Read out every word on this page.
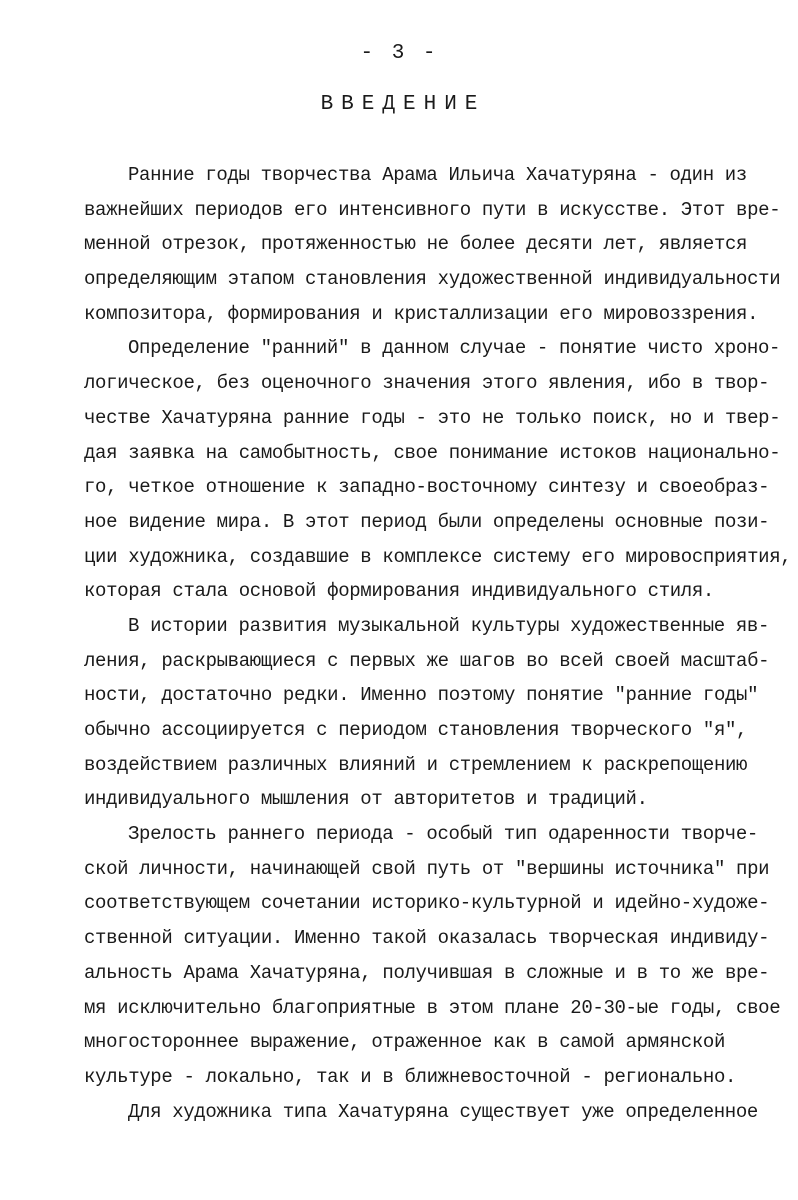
- 3 -
ВВЕДЕНИЕ
Ранние годы творчества Арама Ильича Хачатуряна - один из
важнейших периодов его интенсивного пути в искусстве. Этот вре-
менной отрезок, протяженностью не более десяти лет, является
определяющим этапом становления художественной индивидуальности
композитора, формирования и кристаллизации его мировоззрения.
Определение "ранний" в данном случае - понятие чисто хроно-
логическое, без оценочного значения этого явления, ибо в твор-
честве Хачатуряна ранние годы - это не только поиск, но и твер-
дая заявка на самобытность, свое понимание истоков национально-
го, четкое отношение к западно-восточному синтезу и своеобраз-
ное видение мира. В этот период были определены основные пози-
ции художника, создавшие в комплексе систему его мировосприятия,
которая стала основой формирования индивидуального стиля.
В истории развития музыкальной культуры художественные яв-
ления, раскрывающиеся с первых же шагов во всей своей масштаб-
ности, достаточно редки. Именно поэтому понятие "ранние годы"
обычно ассоциируется с периодом становления творческого "я",
воздействием различных влияний и стремлением к раскрепощению
индивидуального мышления от авторитетов и традиций.
Зрелость раннего периода - особый тип одаренности творче-
ской личности, начинающей свой путь от "вершины источника" при
соответствующем сочетании историко-культурной и идейно-художе-
ственной ситуации. Именно такой оказалась творческая индивиду-
альность Арама Хачатуряна, получившая в сложные и в то же вре-
мя исключительно благоприятные в этом плане 20-30-ые годы, свое
многостороннее выражение, отраженное как в самой армянской
культуре - локально, так и в ближневосточной - регионально.
Для художника типа Хачатуряна существует уже определенное
